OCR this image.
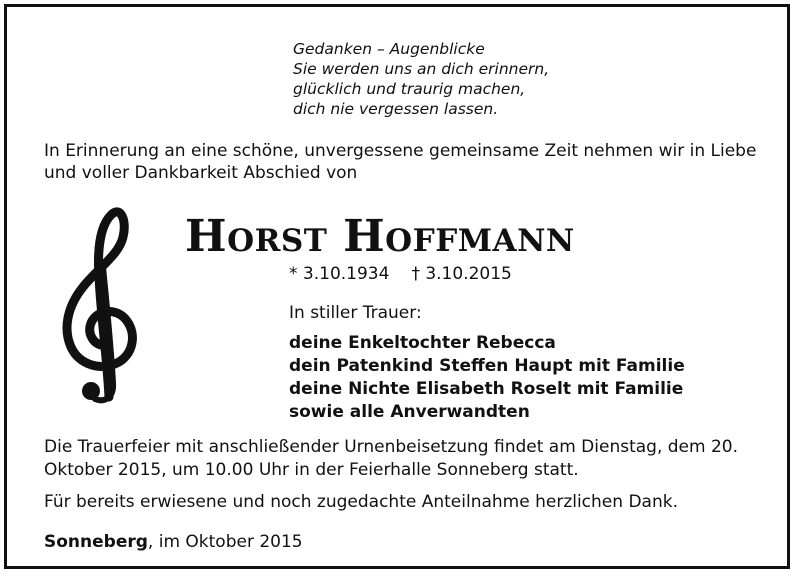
Gedanken – Augenblicke
Sie werden uns an dich erinnern,
glücklich und traurig machen,
dich nie vergessen lassen.
In Erinnerung an eine schöne, unvergessene gemeinsame Zeit nehmen wir in Liebe und voller Dankbarkeit Abschied von
Horst Hoffmann
* 3.10.1934 † 3.10.2015
In stiller Trauer:
deine Enkeltochter Rebecca
dein Patenkind Steffen Haupt mit Familie
deine Nichte Elisabeth Roselt mit Familie
sowie alle Anverwandten
Die Trauerfeier mit anschließender Urnenbeisetzung findet am Dienstag, dem 20. Oktober 2015, um 10.00 Uhr in der Feierhalle Sonneberg statt.
Für bereits erwiesene und noch zugedachte Anteilnahme herzlichen Dank.
Sonneberg, im Oktober 2015
